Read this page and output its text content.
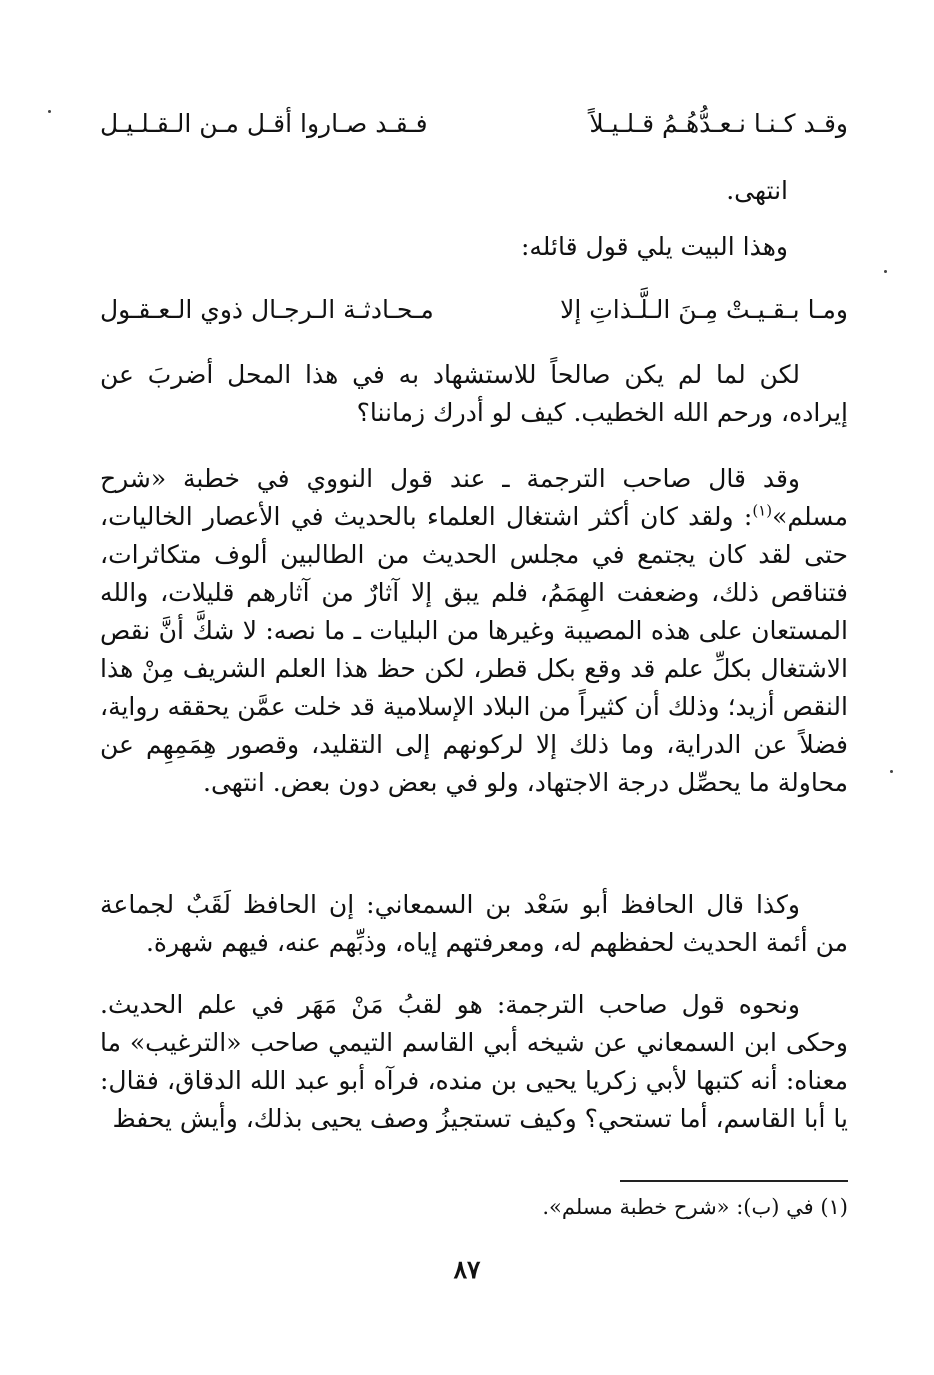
وقـد كـنـا نـعـدُّهُـمُ قـلـيـلاً
فـقـد صـاروا أقـل مـن الـقـلـيـل

انتهى.

وهذا البيت يلي قول قائله:

ومـا بـقـيـتْ مِـنَ الـلَّـذاتِ إلا
مـحـادثـة الـرجـال ذوي الـعـقـول

لكن لما لم يكن صالحاً للاستشهاد به في هذا المحل أضربَ عن إيراده، ورحم الله الخطيب. كيف لو أدرك زماننا؟

وقد قال صاحب الترجمة ـ عند قول النووي في خطبة «شرح مسلم»$^{(١)}$: ولقد كان أكثر اشتغال العلماء بالحديث في الأعصار الخاليات، حتى لقد كان يجتمع في مجلس الحديث من الطالبين ألوف متكاثرات، فتناقص ذلك، وضعفت الهِمَمُ، فلم يبق إلا آثارٌ من آثارهم قليلات، والله المستعان على هذه المصيبة وغيرها من البليات ـ ما نصه: لا شكَّ أنَّ نقص الاشتغال بكلِّ علم قد وقع بكل قطر، لكن حظ هذا العلم الشريف مِنْ هذا النقص أزيد؛ وذلك أن كثيراً من البلاد الإسلامية قد خلت عمَّن يحققه رواية، فضلاً عن الدراية، وما ذلك إلا لركونهم إلى التقليد، وقصور هِمَمِهِم عن محاولة ما يحصِّل درجة الاجتهاد، ولو في بعض دون بعض. انتهى.

وكذا قال الحافظ أبو سَعْد بن السمعاني: إن الحافظ لَقَبٌ لجماعة من أئمة الحديث لحفظهم له، ومعرفتهم إياه، وذبِّهم عنه، فيهم شهرة.

ونحوه قول صاحب الترجمة: هو لقبُ مَنْ مَهَر في علم الحديث. وحكى ابن السمعاني عن شيخه أبي القاسم التيمي صاحب «الترغيب» ما معناه: أنه كتبها لأبي زكريا يحيى بن منده، فرآه أبو عبد الله الدقاق، فقال: يا أبا القاسم، أما تستحي؟ وكيف تستجيزُ وصف يحيى بذلك، وأيش يحفظ

(١) في (ب): «شرح خطبة مسلم».

٨٧
